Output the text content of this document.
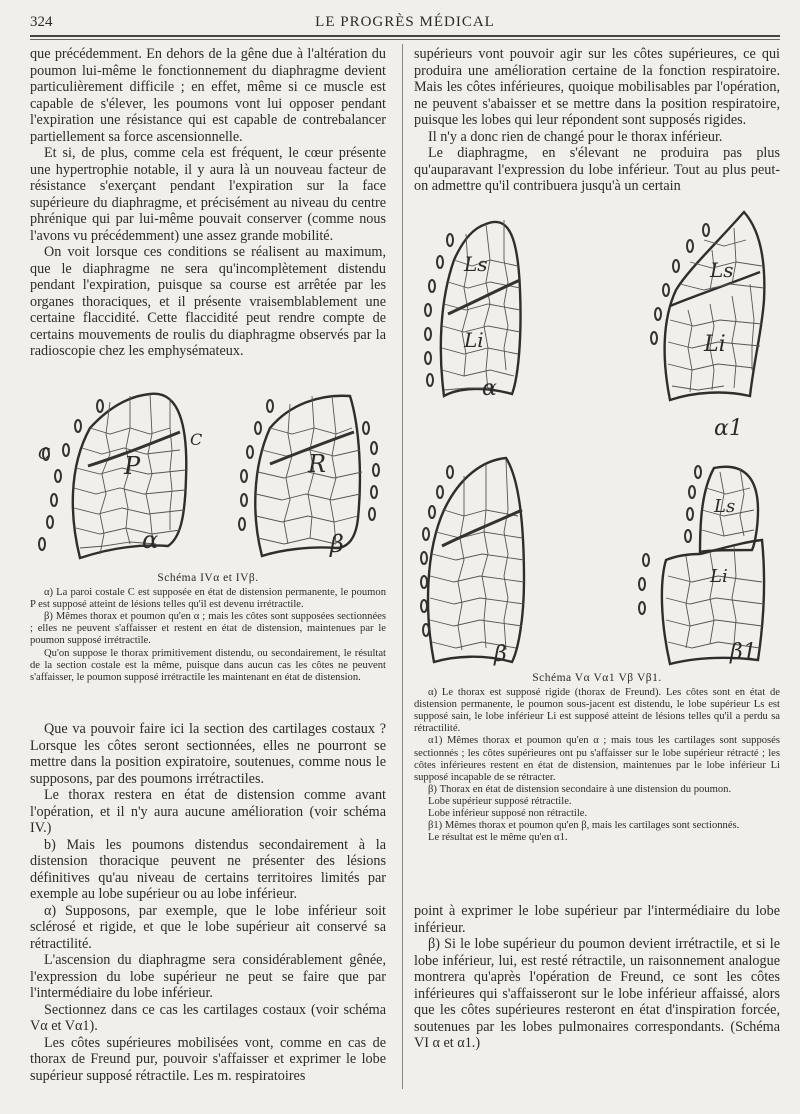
324	LE PROGRÈS MÉDICAL

que précédemment. En dehors de la gêne due à l'altération du poumon lui-même le fonctionnement du diaphragme devient particulièrement difficile ; en effet, même si ce muscle est capable de s'élever, les poumons vont lui opposer pendant l'expiration une résistance qui est capable de contrebalancer partiellement sa force ascensionnelle.

Et si, de plus, comme cela est fréquent, le cœur présente une hypertrophie notable, il y aura là un nouveau facteur de résistance s'exerçant pendant l'expiration sur la face supérieure du diaphragme, et précisément au niveau du centre phrénique qui par lui-même pouvait conserver (comme nous l'avons vu précédemment) une assez grande mobilité.

On voit lorsque ces conditions se réalisent au maximum, que le diaphragme ne sera qu'incomplètement distendu pendant l'expiration, puisque sa course est arrêtée par les organes thoraciques, et il présente vraisemblablement une certaine flaccidité. Cette flaccidité peut rendre compte de certains mouvements de roulis du diaphragme observés par la radioscopie chez les emphysémateux.

C
C
P	R
α	β

Schéma IVα et IVβ.

α) La paroi costale C est supposée en état de distension permanente, le poumon P est supposé atteint de lésions telles qu'il est devenu irrétractile.

β) Mêmes thorax et poumon qu'en α ; mais les côtes sont supposées sectionnées ; elles ne peuvent s'affaisser et restent en état de distension, maintenues par le poumon supposé irrétractile.

Qu'on suppose le thorax primitivement distendu, ou secondairement, le résultat de la section costale est la même, puisque dans aucun cas les côtes ne peuvent s'affaisser, le poumon supposé irrétractile les maintenant en état de distension.

Que va pouvoir faire ici la section des cartilages costaux ? Lorsque les côtes seront sectionnées, elles ne pourront se mettre dans la position expiratoire, soutenues, comme nous le supposons, par des poumons irrétractiles.

Le thorax restera en état de distension comme avant l'opération, et il n'y aura aucune amélioration (voir schéma IV.)

b) Mais les poumons distendus secondairement à la distension thoracique peuvent ne présenter des lésions définitives qu'au niveau de certains territoires limités par exemple au lobe supérieur ou au lobe inférieur.

α) Supposons, par exemple, que le lobe inférieur soit sclérosé et rigide, et que le lobe supérieur ait conservé sa rétractilité.

L'ascension du diaphragme sera considérablement gênée, l'expression du lobe supérieur ne peut se faire que par l'intermédiaire du lobe inférieur.

Sectionnez dans ce cas les cartilages costaux (voir schéma Vα et Vα1).

Les côtes supérieures mobilisées vont, comme en cas de thorax de Freund pur, pouvoir s'affaisser et exprimer le lobe supérieur supposé rétractile. Les m. respiratoires

supérieurs vont pouvoir agir sur les côtes supérieures, ce qui produira une amélioration certaine de la fonction respiratoire. Mais les côtes inférieures, quoique mobilisables par l'opération, ne peuvent s'abaisser et se mettre dans la position respiratoire, puisque les lobes qui leur répondent sont supposés rigides.

Il n'y a donc rien de changé pour le thorax inférieur.

Le diaphragme, en s'élevant ne produira pas plus qu'auparavant l'expression du lobe inférieur. Tout au plus peut-on admettre qu'il contribuera jusqu'à un certain

Ls
Li
Ls
Li
Ls
Li
α
α1
β	β1

Schéma Vα Vα1 Vβ Vβ1.

α) Le thorax est supposé rigide (thorax de Freund). Les côtes sont en état de distension permanente, le poumon sous-jacent est distendu, le lobe supérieur Ls est supposé sain, le lobe inférieur Li est supposé atteint de lésions telles qu'il a perdu sa rétractilité.

α1) Mêmes thorax et poumon qu'en α ; mais tous les cartilages sont supposés sectionnés ; les côtes supérieures ont pu s'affaisser sur le lobe supérieur rétracté ; les côtes inférieures restent en état de distension, maintenues par le lobe inférieur Li supposé incapable de se rétracter.

β) Thorax en état de distension secondaire à une distension du poumon.

Lobe supérieur supposé rétractile.

Lobe inférieur supposé non rétractile.

β1) Mêmes thorax et poumon qu'en β, mais les cartilages sont sectionnés.

Le résultat est le même qu'en α1.

point à exprimer le lobe supérieur par l'intermédiaire du lobe inférieur.

β) Si le lobe supérieur du poumon devient irrétractile, et si le lobe inférieur, lui, est resté rétractile, un raisonnement analogue montrera qu'après l'opération de Freund, ce sont les côtes inférieures qui s'affaisseront sur le lobe inférieur affaissé, alors que les côtes supérieures resteront en état d'inspiration forcée, soutenues par les lobes pulmonaires correspondants. (Schéma VI α et α1.)
